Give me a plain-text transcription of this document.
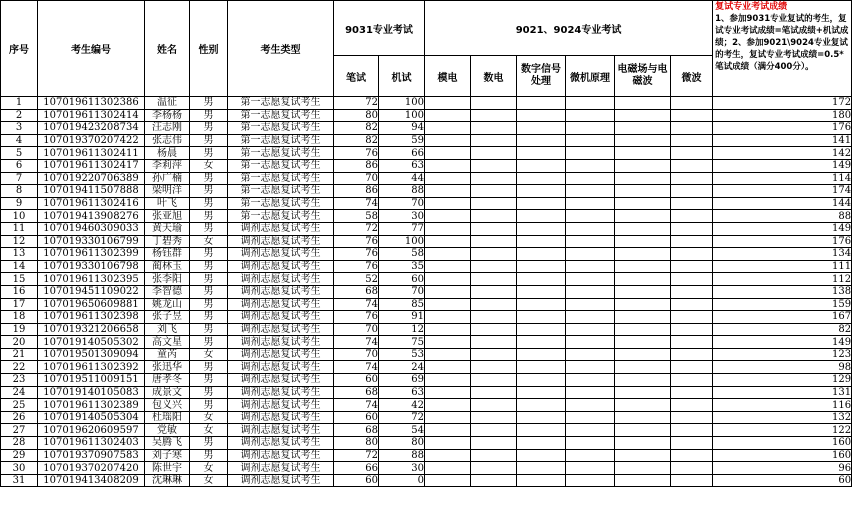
序号	考生编号	姓名	性别	考生类型	9031专业考试		9021、9024专业考试						复试专业考试成绩
1、参加9031专业复试的考生，复试专业考试成绩=笔试成绩+机试成绩；2、参加9021\9024专业复试的考生，复试专业考试成绩=0.5*笔试成绩（满分400分）。

					笔试	机试	模电	数电	数字信号处理	微机原理	电磁场与电磁波	微波	
1	107019611302386	温征	男	第一志愿复试考生	72	100							172
2	107019611302414	李杨杨	男	第一志愿复试考生	80	100							180
3	107019423208734	汪志刚	男	第一志愿复试考生	82	94							176
4	107019370207422	张志伟	男	第一志愿复试考生	82	59							141
5	107019611302411	杨晨	男	第一志愿复试考生	76	66							142
6	107019611302417	李莉萍	女	第一志愿复试考生	86	63							149
7	107019220706389	孙广楠	男	第一志愿复试考生	70	44							114
8	107019411507888	梁明洋	男	第一志愿复试考生	86	88							174
9	107019611302416	叶飞	男	第一志愿复试考生	74	70							144
10	107019413908276	张亚旭	男	第一志愿复试考生	58	30							88
11	107019460309033	黄天瑜	男	调剂志愿复试考生	72	77							149
12	107019330106799	丁碧秀	女	调剂志愿复试考生	76	100							176
13	107019611302399	杨钰群	男	调剂志愿复试考生	76	58							134
14	107019330106798	蔺林玉	男	调剂志愿复试考生	76	35							111
15	107019611302395	张李阳	男	调剂志愿复试考生	52	60							112
16	107019451109022	李智德	男	调剂志愿复试考生	68	70							138
17	107019650609881	姚龙山	男	调剂志愿复试考生	74	85							159
18	107019611302398	张子昱	男	调剂志愿复试考生	76	91							167
19	107019321206658	刘飞	男	调剂志愿复试考生	70	12							82
20	107019140505302	高文星	男	调剂志愿复试考生	74	75							149
21	107019501309094	童芮	女	调剂志愿复试考生	70	53							123
22	107019611302392	张迅华	男	调剂志愿复试考生	74	24							98
23	107019511009151	唐孝冬	男	调剂志愿复试考生	60	69							129
24	107019140105083	成景文	男	调剂志愿复试考生	68	63							131
25	107019611302389	包义兴	男	调剂志愿复试考生	74	42							116
26	107019140505304	杜瑶阳	女	调剂志愿复试考生	60	72							132
27	107019620609597	党敏	女	调剂志愿复试考生	68	54							122
28	107019611302403	吴腾飞	男	调剂志愿复试考生	80	80							160
29	107019370907583	刘子寒	男	调剂志愿复试考生	72	88							160
30	107019370207420	陈世宇	女	调剂志愿复试考生	66	30							96
31	107019413408209	沈琳琳	女	调剂志愿复试考生	60	0							60
